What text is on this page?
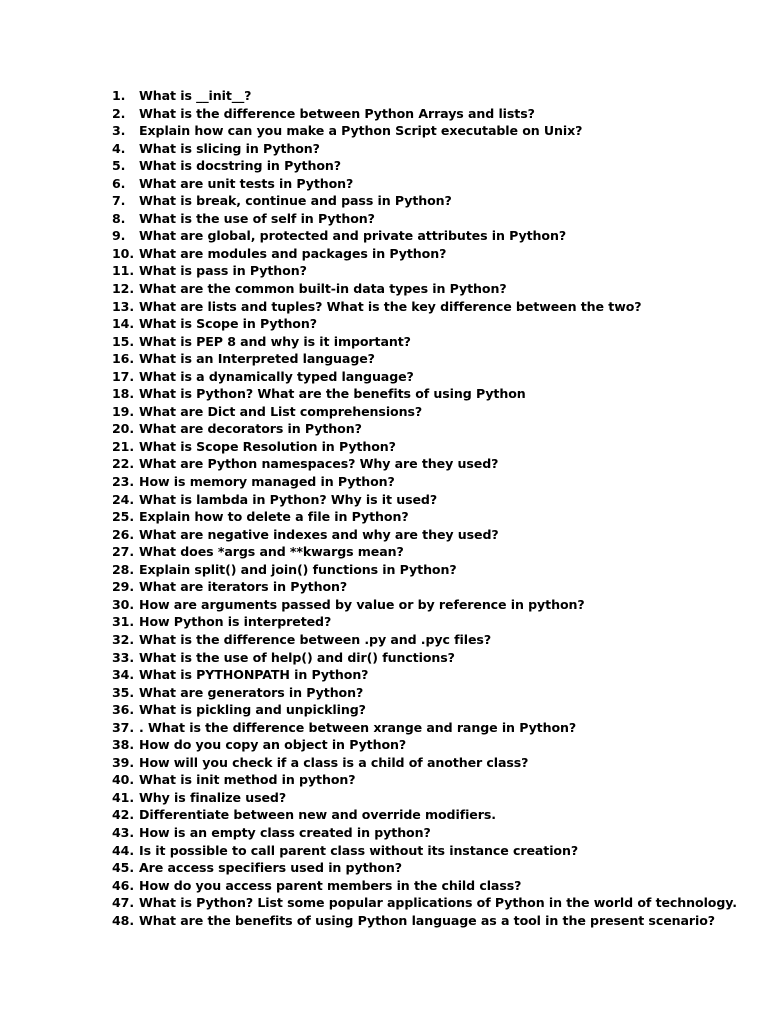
1.	What is __init__?
2.	What is the difference between Python Arrays and lists?
3.	Explain how can you make a Python Script executable on Unix?
4.	What is slicing in Python?
5.	What is docstring in Python?
6.	What are unit tests in Python?
7.	What is break, continue and pass in Python?
8.	What is the use of self in Python?
9.	What are global, protected and private attributes in Python?
10. What are modules and packages in Python?
11. What is pass in Python?
12. What are the common built-in data types in Python?
13. What are lists and tuples? What is the key difference between the two?
14. What is Scope in Python?
15. What is PEP 8 and why is it important?
16. What is an Interpreted language?
17. What is a dynamically typed language?
18. What is Python? What are the benefits of using Python
19. What are Dict and List comprehensions?
20. What are decorators in Python?
21. What is Scope Resolution in Python?
22. What are Python namespaces? Why are they used?
23. How is memory managed in Python?
24. What is lambda in Python? Why is it used?
25. Explain how to delete a file in Python?
26. What are negative indexes and why are they used?
27. What does *args and **kwargs mean?
28. Explain split() and join() functions in Python?
29. What are iterators in Python?
30. How are arguments passed by value or by reference in python?
31. How Python is interpreted?
32. What is the difference between .py and .pyc files?
33. What is the use of help() and dir() functions?
34. What is PYTHONPATH in Python?
35. What are generators in Python?
36. What is pickling and unpickling?
37. . What is the difference between xrange and range in Python?
38. How do you copy an object in Python?
39. How will you check if a class is a child of another class?
40. What is init method in python?
41. Why is finalize used?
42. Differentiate between new and override modifiers.
43. How is an empty class created in python?
44. Is it possible to call parent class without its instance creation?
45. Are access specifiers used in python?
46. How do you access parent members in the child class?
47. What is Python? List some popular applications of Python in the world of technology.
48. What are the benefits of using Python language as a tool in the present scenario?
